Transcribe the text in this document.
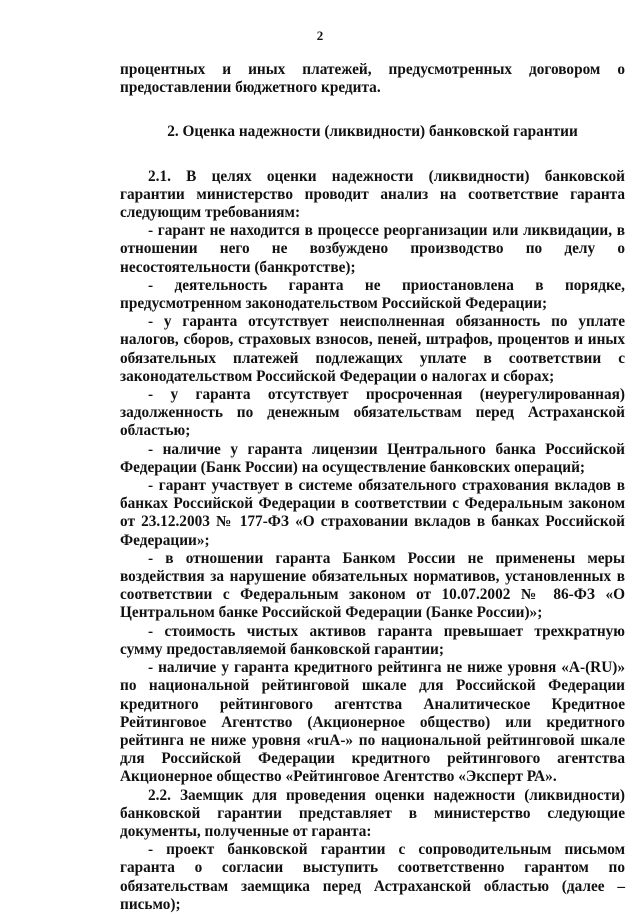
2

процентных и иных платежей, предусмотренных договором о предоставлении бюджетного кредита.

2. Оценка надежности (ликвидности) банковской гарантии

2.1. В целях оценки надежности (ликвидности) банковской гарантии министерство проводит анализ на соответствие гаранта следующим требованиям:

- гарант не находится в процессе реорганизации или ликвидации, в отношении него не возбуждено производство по делу о несостоятельности (банкротстве);

- деятельность гаранта не приостановлена в порядке, предусмотренном законодательством Российской Федерации;

- у гаранта отсутствует неисполненная обязанность по уплате налогов, сборов, страховых взносов, пеней, штрафов, процентов и иных обязательных платежей подлежащих уплате в соответствии с законодательством Российской Федерации о налогах и сборах;

- у гаранта отсутствует просроченная (неурегулированная) задолженность по денежным обязательствам перед Астраханской областью;

- наличие у гаранта лицензии Центрального банка Российской Федерации (Банк России) на осуществление банковских операций;

- гарант участвует в системе обязательного страхования вкладов в банках Российской Федерации в соответствии с Федеральным законом от 23.12.2003 № 177-ФЗ «О страховании вкладов в банках Российской Федерации»;

- в отношении гаранта Банком России не применены меры воздействия за нарушение обязательных нормативов, установленных в соответствии с Федеральным законом от 10.07.2002 № 86-ФЗ «О Центральном банке Российской Федерации (Банке России)»;

- стоимость чистых активов гаранта превышает трехкратную сумму предоставляемой банковской гарантии;

- наличие у гаранта кредитного рейтинга не ниже уровня «A-(RU)» по национальной рейтинговой шкале для Российской Федерации кредитного рейтингового агентства Аналитическое Кредитное Рейтинговое Агентство (Акционерное общество) или кредитного рейтинга не ниже уровня «ruA-» по национальной рейтинговой шкале для Российской Федерации кредитного рейтингового агентства Акционерное общество «Рейтинговое Агентство «Эксперт РА».

2.2. Заемщик для проведения оценки надежности (ликвидности) банковской гарантии представляет в министерство следующие документы, полученные от гаранта:

- проект банковской гарантии с сопроводительным письмом гаранта о согласии выступить соответственно гарантом по обязательствам заемщика перед Астраханской областью (далее – письмо);
